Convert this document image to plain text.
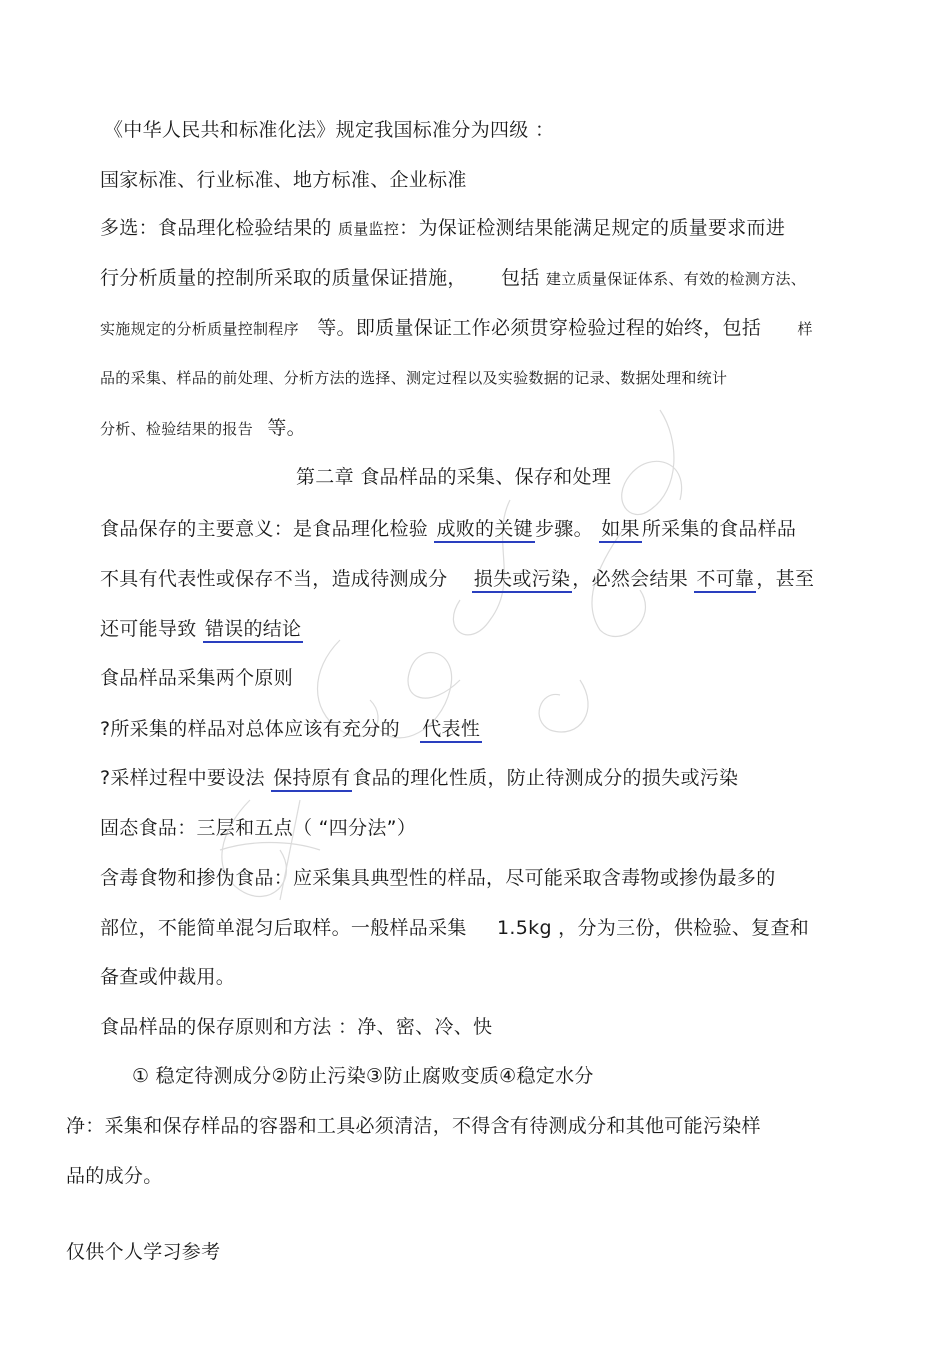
《中华人民共和标准化法》规定我国标准分为四级 ：
国家标准、行业标准、地方标准、企业标准
多选：食品理化检验结果的 质量监控：为保证检测结果能满足规定的质量要求而进
行分析质量的控制所采取的质量保证措施， 包括 建立质量保证体系、有效的检测方法、
实施规定的分析质量控制程序 等。即质量保证工作必须贯穿检验过程的始终，包括 样
品的采集、样品的前处理、分析方法的选择、测定过程以及实验数据的记录、数据处理和统计
分析、检验结果的报告 等。
第二章 食品样品的采集、保存和处理
食品保存的主要意义：是食品理化检验 成败的关键 步骤。 如果 所采集的食品样品
不具有代表性或保存不当，造成待测成分 损失或污染 ，必然会结果 不可靠 ，甚至
还可能导致 错误的结论
食品样品采集两个原则
?所采集的样品对总体应该有充分的 代表性
?采样过程中要设法 保持原有 食品的理化性质，防止待测成分的损失或污染
固态食品：三层和五点（ “四分法”）
含毒食物和掺伪食品：应采集具典型性的样品，尽可能采取含毒物或掺伪最多的
部位，不能简单混匀后取样。一般样品采集 1.5kg ，分为三份，供检验、复查和
备查或仲裁用。
食品样品的保存原则和方法 ：净、密、冷、快
① 稳定待测成分②防止污染③防止腐败变质④稳定水分
净：采集和保存样品的容器和工具必须清洁，不得含有待测成分和其他可能污染样
品的成分。
仅供个人学习参考
